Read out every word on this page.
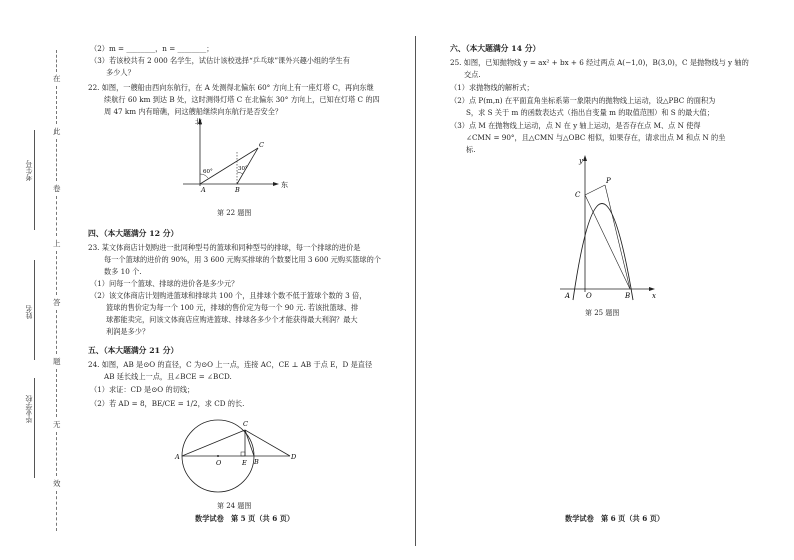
在
此
卷
上
答
题
无
效
考生号
姓名
毕业学校
（2）m = ________，n = ________；
（3）若该校共有 2 000 名学生，试估计该校选择“乒乓球”课外兴趣小组的学生有
多少人？
22. 如图，一艘船由西向东航行，在 A 处测得北偏东 60° 方向上有一座灯塔 C，再向东继
续航行 60 km 到达 B 处，这时测得灯塔 C 在北偏东 30° 方向上，已知在灯塔 C 的四
周 47 km 内有暗礁，问这艘船继续向东航行是否安全？
北
东
A	B
C
60°	30°
第 22 题图
四、（本大题满分 12 分）
23. 某文体商店计划购进一批同种型号的篮球和同种型号的排球，每一个排球的进价是
每一个篮球的进价的 90%，用 3 600 元购买排球的个数要比用 3 600 元购买篮球的个
数多 10 个.
（1）问每一个篮球、排球的进价各是多少元？
（2）该文体商店计划购进篮球和排球共 100 个，且排球个数不低于篮球个数的 3 倍，
篮球的售价定为每一个 100 元，排球的售价定为每一个 90 元. 若该批篮球、排
球都能卖完，问该文体商店应购进篮球、排球各多少个才能获得最大利润？最大
利润是多少？
五、（本大题满分 21 分）
24. 如图，AB 是⊙O 的直径，C 为⊙O 上一点，连接 AC，CE ⊥ AB 于点 E，D 是直径
AB 延长线上一点，且∠BCE = ∠BCD.
（1）求证：CD 是⊙O 的切线；
（2）若 AD = 8，BE/CE = 1/2，求 CD 的长.
A
O	E B
C
D
第 24 题图
数学试卷　第 5 页（共 6 页）
六、（本大题满分 14 分）
25. 如图，已知抛物线 y = ax² + bx + 6 经过两点 A(−1,0)，B(3,0)，C 是抛物线与 y 轴的
交点.
（1）求抛物线的解析式；
（2）点 P(m,n) 在平面直角坐标系第一象限内的抛物线上运动，设△PBC 的面积为
S，求 S 关于 m 的函数表达式（指出自变量 m 的取值范围）和 S 的最大值；
（3）点 M 在抛物线上运动，点 N 在 y 轴上运动，是否存在点 M、点 N 使得
∠CMN = 90°，且△CMN 与△OBC 相似，如果存在，请求出点 M 和点 N 的坐
标.
y
x
C
P
A O	B
第 25 题图
数学试卷　第 6 页（共 6 页）
